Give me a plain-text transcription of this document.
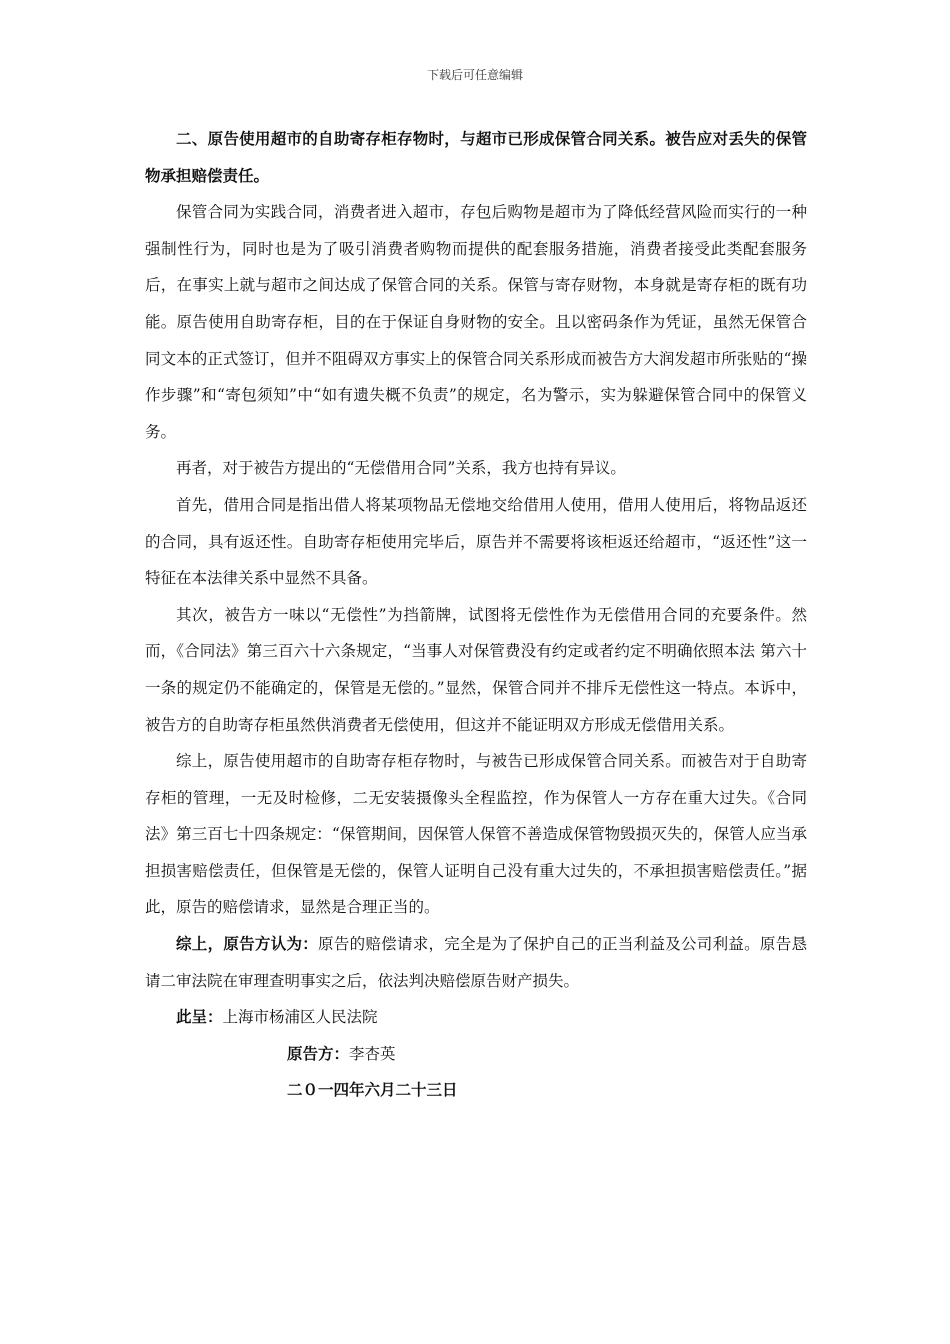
下载后可任意编辑

二、原告使用超市的自助寄存柜存物时，与超市已形成保管合同关系。被告应对丢失的保管物承担赔偿责任。

保管合同为实践合同，消费者进入超市，存包后购物是超市为了降低经营风险而实行的一种强制性行为，同时也是为了吸引消费者购物而提供的配套服务措施，消费者接受此类配套服务后，在事实上就与超市之间达成了保管合同的关系。保管与寄存财物，本身就是寄存柜的既有功能。原告使用自助寄存柜，目的在于保证自身财物的安全。且以密码条作为凭证，虽然无保管合同文本的正式签订，但并不阻碍双方事实上的保管合同关系形成而被告方大润发超市所张贴的“操作步骤”和“寄包须知”中“如有遗失概不负责”的规定，名为警示，实为躲避保管合同中的保管义务。

再者，对于被告方提出的“无偿借用合同”关系，我方也持有异议。

首先，借用合同是指出借人将某项物品无偿地交给借用人使用，借用人使用后，将物品返还的合同，具有返还性。自助寄存柜使用完毕后，原告并不需要将该柜返还给超市，“返还性”这一特征在本法律关系中显然不具备。

其次，被告方一味以“无偿性”为挡箭牌，试图将无偿性作为无偿借用合同的充要条件。然而，《合同法》第三百六十六条规定，“当事人对保管费没有约定或者约定不明确依照本法 第六十一条的规定仍不能确定的，保管是无偿的。”显然，保管合同并不排斥无偿性这一特点。本诉中，被告方的自助寄存柜虽然供消费者无偿使用，但这并不能证明双方形成无偿借用关系。

综上，原告使用超市的自助寄存柜存物时，与被告已形成保管合同关系。而被告对于自助寄存柜的管理，一无及时检修，二无安装摄像头全程监控，作为保管人一方存在重大过失。《合同法》第三百七十四条规定：“保管期间，因保管人保管不善造成保管物毁损灭失的，保管人应当承担损害赔偿责任，但保管是无偿的，保管人证明自己没有重大过失的，不承担损害赔偿责任。”据此，原告的赔偿请求，显然是合理正当的。

综上，原告方认为：原告的赔偿请求，完全是为了保护自己的正当利益及公司利益。原告恳请二审法院在审理查明事实之后，依法判决赔偿原告财产损失。

此呈：上海市杨浦区人民法院

原告方：李杏英

二０一四年六月二十三日
